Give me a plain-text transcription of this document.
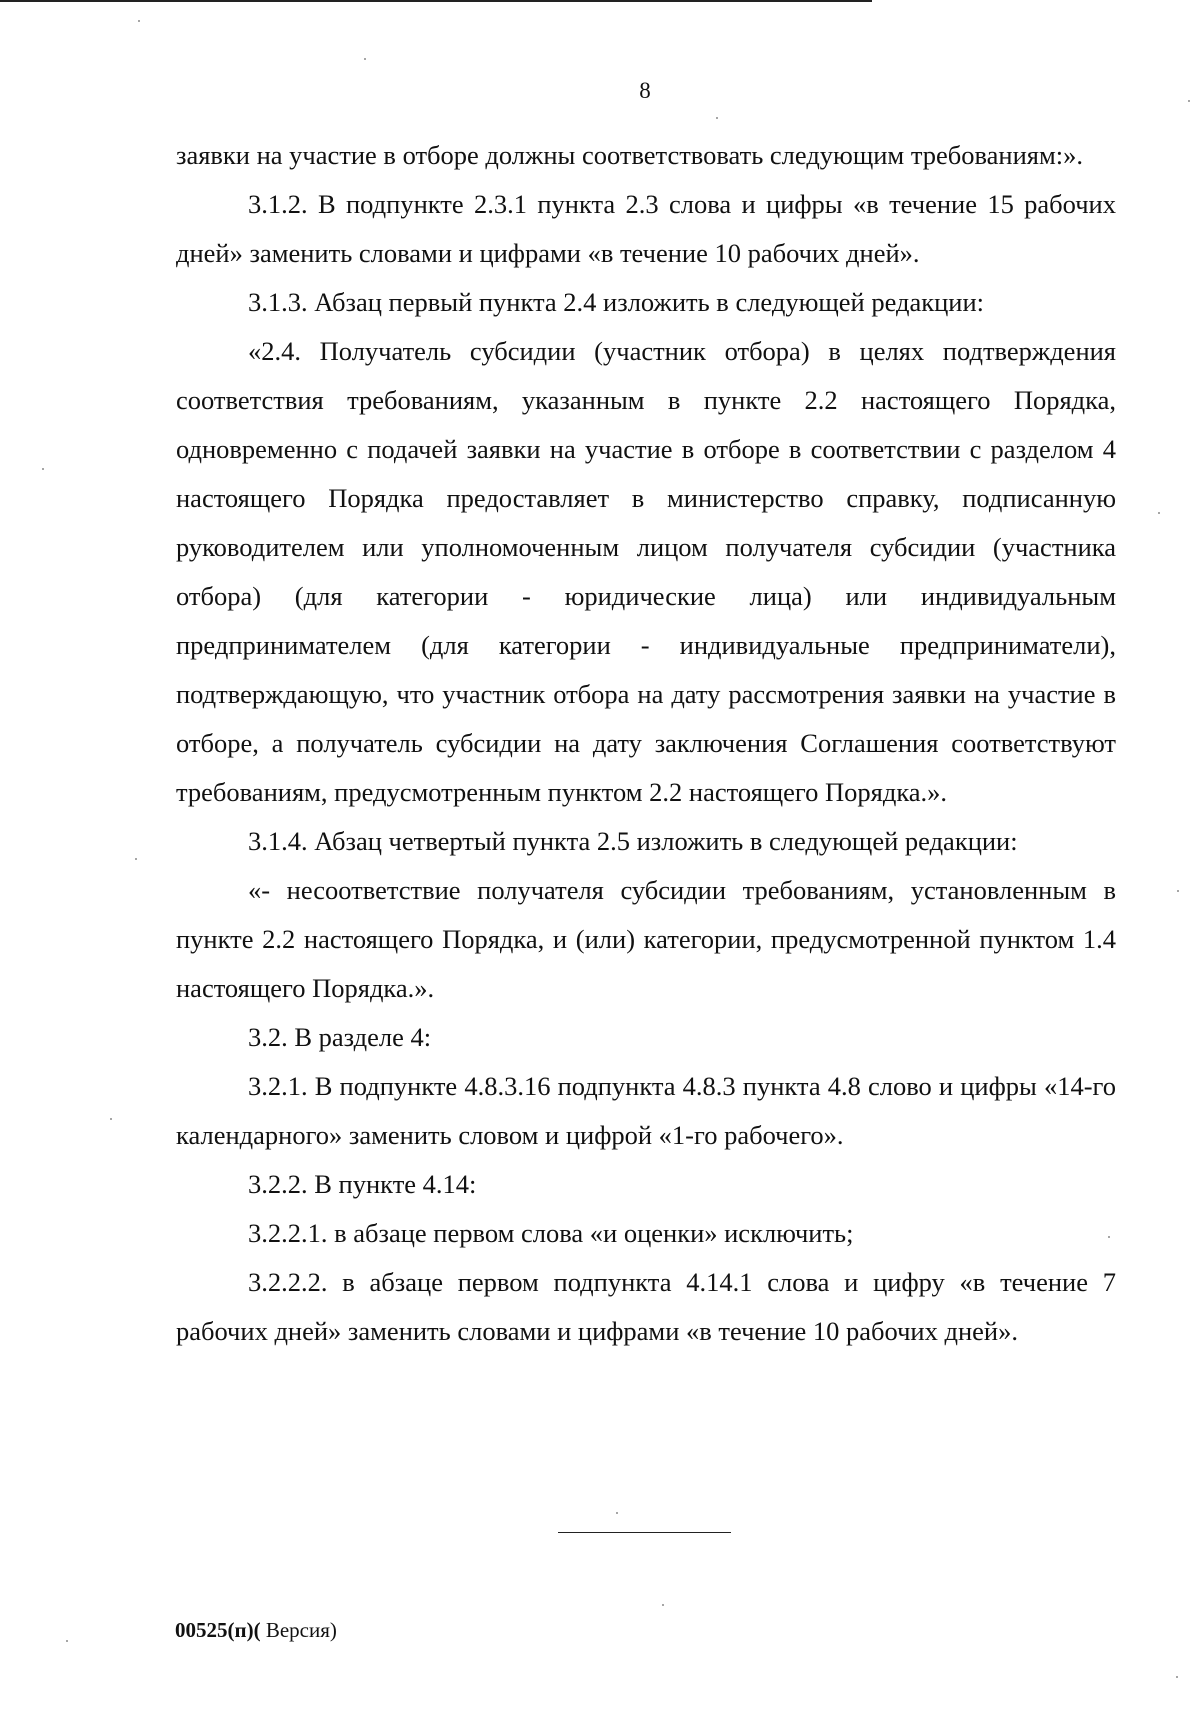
8

заявки на участие в отборе должны соответствовать следующим требованиям:».

3.1.2. В подпункте 2.3.1 пункта 2.3 слова и цифры «в течение 15 рабочих дней» заменить словами и цифрами «в течение 10 рабочих дней».

3.1.3. Абзац первый пункта 2.4 изложить в следующей редакции:

«2.4. Получатель субсидии (участник отбора) в целях подтверждения соответствия требованиям, указанным в пункте 2.2 настоящего Порядка, одновременно с подачей заявки на участие в отборе в соответствии с разделом 4 настоящего Порядка предоставляет в министерство справку, подписанную руководителем или уполномоченным лицом получателя субсидии (участника отбора) (для категории - юридические лица) или индивидуальным предпринимателем (для категории - индивидуальные предприниматели), подтверждающую, что участник отбора на дату рассмотрения заявки на участие в отборе, а получатель субсидии на дату заключения Соглашения соответствуют требованиям, предусмотренным пунктом 2.2 настоящего Порядка.».

3.1.4. Абзац четвертый пункта 2.5 изложить в следующей редакции:

«- несоответствие получателя субсидии требованиям, установленным в пункте 2.2 настоящего Порядка, и (или) категории, предусмотренной пунктом 1.4 настоящего Порядка.».

3.2. В разделе 4:

3.2.1. В подпункте 4.8.3.16 подпункта 4.8.3 пункта 4.8 слово и цифры «14-го календарного» заменить словом и цифрой «1-го рабочего».

3.2.2. В пункте 4.14:

3.2.2.1. в абзаце первом слова «и оценки» исключить;

3.2.2.2. в абзаце первом подпункта 4.14.1 слова и цифру «в течение 7 рабочих дней» заменить словами и цифрами «в течение 10 рабочих дней».

00525(п)( Версия)
